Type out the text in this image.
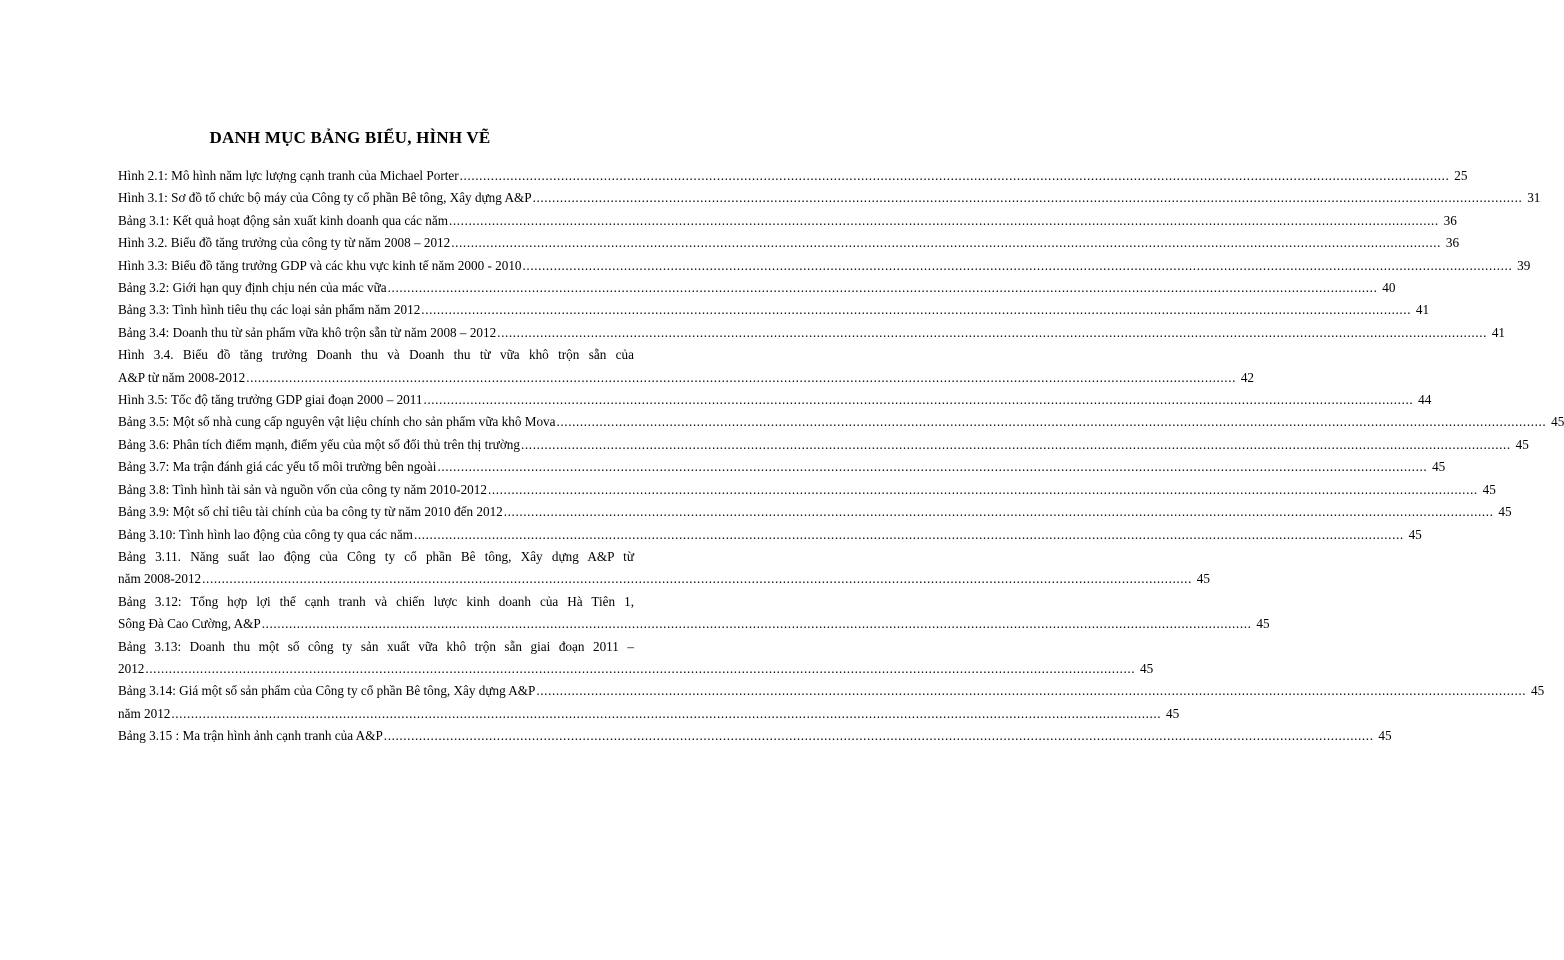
DANH MỤC BẢNG BIỂU, HÌNH VẼ
Hình 2.1: Mô hình năm lực lượng cạnh tranh của Michael Porter .....	25
Hình 3.1: Sơ đồ tổ chức bộ máy của Công ty cổ phần Bê tông, Xây dựng A&P .....	31
Bảng 3.1: Kết quả hoạt động sản xuất kinh doanh qua các năm .....	36
Hình 3.2. Biểu đồ tăng trưởng của công ty từ năm 2008 – 2012 .....	36
Hình 3.3: Biểu đồ tăng trưởng GDP và các khu vực kinh tế năm 2000 - 2010 .....	39
Bảng 3.2: Giới hạn quy định chịu nén của mác vữa .....	40
Bảng 3.3: Tình hình tiêu thụ các loại sản phẩm năm 2012 .....	41
Bảng 3.4: Doanh thu từ sản phẩm vữa khô trộn sẵn từ năm 2008 – 2012 .....	41
Hình 3.4. Biểu đồ tăng trưởng Doanh thu và Doanh thu từ vữa khô trộn sẵn của
A&P từ năm 2008-2012 .....	42
Hình 3.5: Tốc độ tăng trưởng GDP giai đoạn 2000 – 2011 .....	44
Bảng 3.5: Một số nhà cung cấp nguyên vật liệu chính cho sản phẩm vữa khô Mova .....	45
Bảng 3.6: Phân tích điểm mạnh, điểm yếu của một số đối thủ trên thị trường .....	45
Bảng 3.7: Ma trận đánh giá các yếu tố môi trường bên ngoài .....	45
Bảng 3.8: Tình hình tài sản và nguồn vốn của công ty năm 2010-2012 .....	45
Bảng 3.9: Một số chỉ tiêu tài chính của ba công ty từ năm 2010 đến 2012 .....	45
Bảng 3.10: Tình hình lao động của công ty qua các năm .....	45
Bảng 3.11. Năng suất lao động của Công ty cổ phần Bê tông, Xây dựng A&P từ
năm 2008-2012 .....	45
Bảng 3.12: Tổng hợp lợi thế cạnh tranh và chiến lược kinh doanh của Hà Tiên 1,
Sông Đà Cao Cường, A&P .....	45
Bảng 3.13: Doanh thu một số công ty sản xuất vữa khô trộn sẵn giai đoạn 2011 –
2012 .....	45
Bảng 3.14: Giá một số sản phẩm của Công ty cổ phần Bê tông, Xây dựng A&P .....	45
năm 2012 .....	45
Bảng 3.15 : Ma trận hình ảnh cạnh tranh của A&P .....	45
